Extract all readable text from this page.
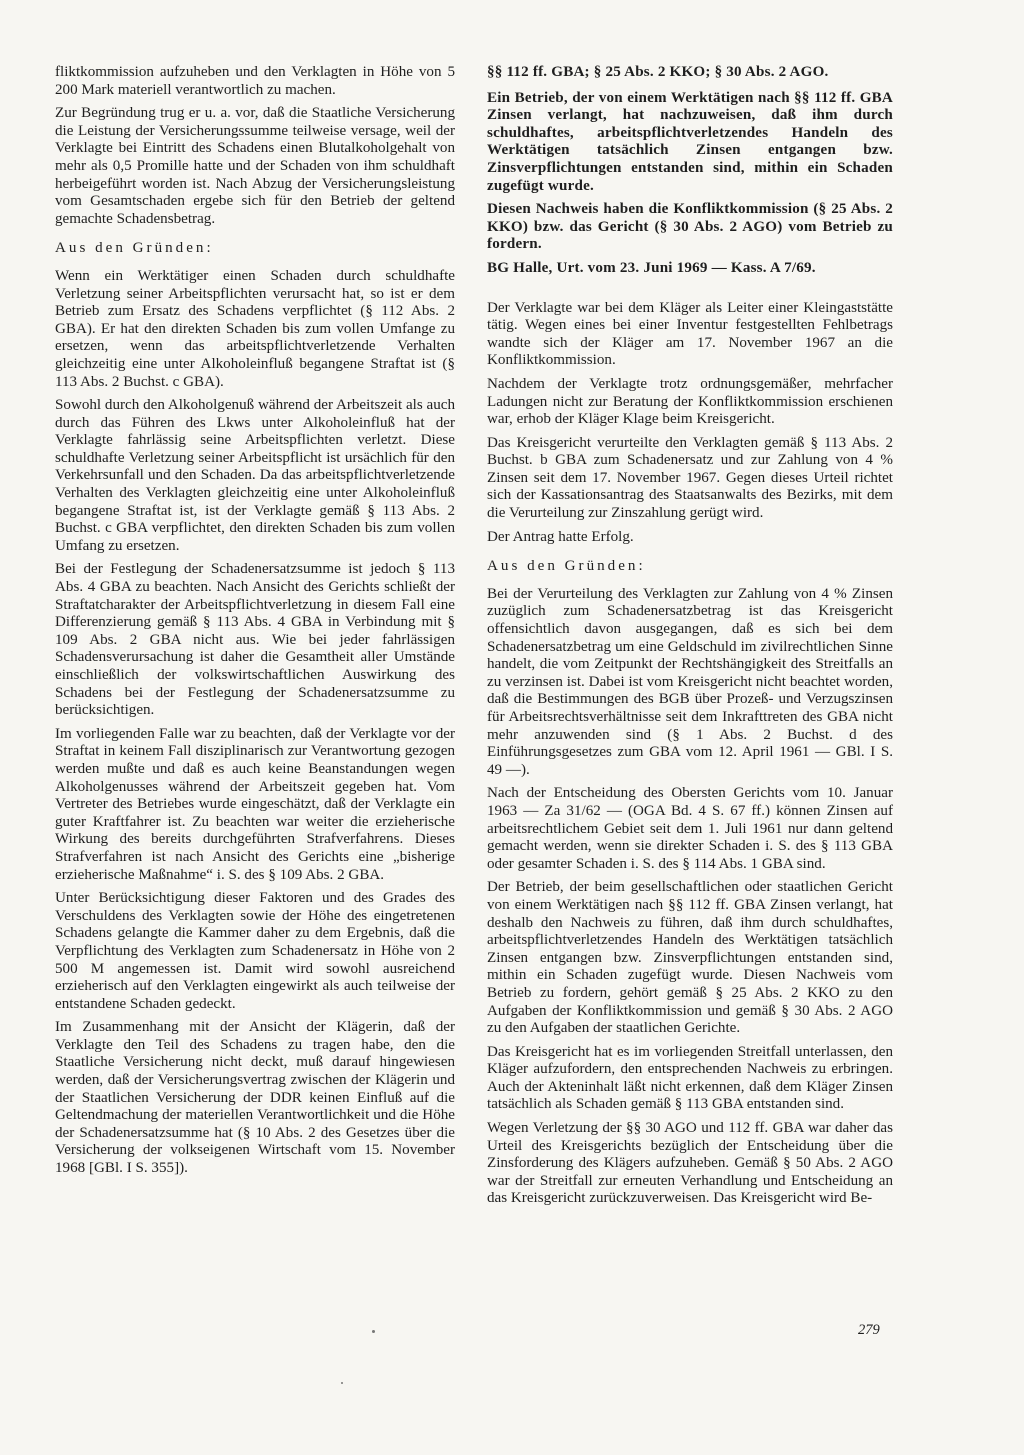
fliktkommission aufzuheben und den Verklagten in Höhe von 5 200 Mark materiell verantwortlich zu machen.

Zur Begründung trug er u. a. vor, daß die Staatliche Versicherung die Leistung der Versicherungssumme teilweise versage, weil der Verklagte bei Eintritt des Schadens einen Blutalkoholgehalt von mehr als 0,5 Promille hatte und der Schaden von ihm schuldhaft herbeigeführt worden ist. Nach Abzug der Versicherungsleistung vom Gesamtschaden ergebe sich für den Betrieb der geltend gemachte Schadensbetrag.

Aus den Gründen:

Wenn ein Werktätiger einen Schaden durch schuldhafte Verletzung seiner Arbeitspflichten verursacht hat, so ist er dem Betrieb zum Ersatz des Schadens verpflichtet (§ 112 Abs. 2 GBA). Er hat den direkten Schaden bis zum vollen Umfange zu ersetzen, wenn das arbeitspflichtverletzende Verhalten gleichzeitig eine unter Alkoholeinfluß begangene Straftat ist (§ 113 Abs. 2 Buchst. c GBA).

Sowohl durch den Alkoholgenuß während der Arbeitszeit als auch durch das Führen des Lkws unter Alkoholeinfluß hat der Verklagte fahrlässig seine Arbeitspflichten verletzt. Diese schuldhafte Verletzung seiner Arbeitspflicht ist ursächlich für den Verkehrsunfall und den Schaden. Da das arbeitspflichtverletzende Verhalten des Verklagten gleichzeitig eine unter Alkoholeinfluß begangene Straftat ist, ist der Verklagte gemäß § 113 Abs. 2 Buchst. c GBA verpflichtet, den direkten Schaden bis zum vollen Umfang zu ersetzen.

Bei der Festlegung der Schadenersatzsumme ist jedoch § 113 Abs. 4 GBA zu beachten. Nach Ansicht des Gerichts schließt der Straftatcharakter der Arbeitspflichtverletzung in diesem Fall eine Differenzierung gemäß § 113 Abs. 4 GBA in Verbindung mit § 109 Abs. 2 GBA nicht aus. Wie bei jeder fahrlässigen Schadensverursachung ist daher die Gesamtheit aller Umstände einschließlich der volkswirtschaftlichen Auswirkung des Schadens bei der Festlegung der Schadenersatzsumme zu berücksichtigen.

Im vorliegenden Falle war zu beachten, daß der Verklagte vor der Straftat in keinem Fall disziplinarisch zur Verantwortung gezogen werden mußte und daß es auch keine Beanstandungen wegen Alkoholgenusses während der Arbeitszeit gegeben hat. Vom Vertreter des Betriebes wurde eingeschätzt, daß der Verklagte ein guter Kraftfahrer ist. Zu beachten war weiter die erzieherische Wirkung des bereits durchgeführten Strafverfahrens. Dieses Strafverfahren ist nach Ansicht des Gerichts eine „bisherige erzieherische Maßnahme“ i. S. des § 109 Abs. 2 GBA.

Unter Berücksichtigung dieser Faktoren und des Grades des Verschuldens des Verklagten sowie der Höhe des eingetretenen Schadens gelangte die Kammer daher zu dem Ergebnis, daß die Verpflichtung des Verklagten zum Schadenersatz in Höhe von 2 500 M angemessen ist. Damit wird sowohl ausreichend erzieherisch auf den Verklagten eingewirkt als auch teilweise der entstandene Schaden gedeckt.

Im Zusammenhang mit der Ansicht der Klägerin, daß der Verklagte den Teil des Schadens zu tragen habe, den die Staatliche Versicherung nicht deckt, muß darauf hingewiesen werden, daß der Versicherungsvertrag zwischen der Klägerin und der Staatlichen Versicherung der DDR keinen Einfluß auf die Geltendmachung der materiellen Verantwortlichkeit und die Höhe der Schadenersatzsumme hat (§ 10 Abs. 2 des Gesetzes über die Versicherung der volkseigenen Wirtschaft vom 15. November 1968 [GBl. I S. 355]).

§§ 112 ff. GBA; § 25 Abs. 2 KKO; § 30 Abs. 2 AGO.

Ein Betrieb, der von einem Werktätigen nach §§ 112 ff. GBA Zinsen verlangt, hat nachzuweisen, daß ihm durch schuldhaftes, arbeitspflichtverletzendes Handeln des Werktätigen tatsächlich Zinsen entgangen bzw. Zinsverpflichtungen entstanden sind, mithin ein Schaden zugefügt wurde.

Diesen Nachweis haben die Konfliktkommission (§ 25 Abs. 2 KKO) bzw. das Gericht (§ 30 Abs. 2 AGO) vom Betrieb zu fordern.

BG Halle, Urt. vom 23. Juni 1969 — Kass. A 7/69.

Der Verklagte war bei dem Kläger als Leiter einer Kleingaststätte tätig. Wegen eines bei einer Inventur festgestellten Fehlbetrags wandte sich der Kläger am 17. November 1967 an die Konfliktkommission.

Nachdem der Verklagte trotz ordnungsgemäßer, mehrfacher Ladungen nicht zur Beratung der Konfliktkommission erschienen war, erhob der Kläger Klage beim Kreisgericht.

Das Kreisgericht verurteilte den Verklagten gemäß § 113 Abs. 2 Buchst. b GBA zum Schadenersatz und zur Zahlung von 4 % Zinsen seit dem 17. November 1967. Gegen dieses Urteil richtet sich der Kassationsantrag des Staatsanwalts des Bezirks, mit dem die Verurteilung zur Zinszahlung gerügt wird.

Der Antrag hatte Erfolg.

Aus den Gründen:

Bei der Verurteilung des Verklagten zur Zahlung von 4 % Zinsen zuzüglich zum Schadenersatzbetrag ist das Kreisgericht offensichtlich davon ausgegangen, daß es sich bei dem Schadenersatzbetrag um eine Geldschuld im zivilrechtlichen Sinne handelt, die vom Zeitpunkt der Rechtshängigkeit des Streitfalls an zu verzinsen ist. Dabei ist vom Kreisgericht nicht beachtet worden, daß die Bestimmungen des BGB über Prozeß- und Verzugszinsen für Arbeitsrechtsverhältnisse seit dem Inkrafttreten des GBA nicht mehr anzuwenden sind (§ 1 Abs. 2 Buchst. d des Einführungsgesetzes zum GBA vom 12. April 1961 — GBl. I S. 49 —).

Nach der Entscheidung des Obersten Gerichts vom 10. Januar 1963 — Za 31/62 — (OGA Bd. 4 S. 67 ff.) können Zinsen auf arbeitsrechtlichem Gebiet seit dem 1. Juli 1961 nur dann geltend gemacht werden, wenn sie direkter Schaden i. S. des § 113 GBA oder gesamter Schaden i. S. des § 114 Abs. 1 GBA sind.

Der Betrieb, der beim gesellschaftlichen oder staatlichen Gericht von einem Werktätigen nach §§ 112 ff. GBA Zinsen verlangt, hat deshalb den Nachweis zu führen, daß ihm durch schuldhaftes, arbeitspflichtverletzendes Handeln des Werktätigen tatsächlich Zinsen entgangen bzw. Zinsverpflichtungen entstanden sind, mithin ein Schaden zugefügt wurde. Diesen Nachweis vom Betrieb zu fordern, gehört gemäß § 25 Abs. 2 KKO zu den Aufgaben der Konfliktkommission und gemäß § 30 Abs. 2 AGO zu den Aufgaben der staatlichen Gerichte.

Das Kreisgericht hat es im vorliegenden Streitfall unterlassen, den Kläger aufzufordern, den entsprechenden Nachweis zu erbringen. Auch der Akteninhalt läßt nicht erkennen, daß dem Kläger Zinsen tatsächlich als Schaden gemäß § 113 GBA entstanden sind.

Wegen Verletzung der §§ 30 AGO und 112 ff. GBA war daher das Urteil des Kreisgerichts bezüglich der Entscheidung über die Zinsforderung des Klägers aufzuheben. Gemäß § 50 Abs. 2 AGO war der Streitfall zur erneuten Verhandlung und Entscheidung an das Kreisgericht zurückzuverweisen. Das Kreisgericht wird Be-

279
